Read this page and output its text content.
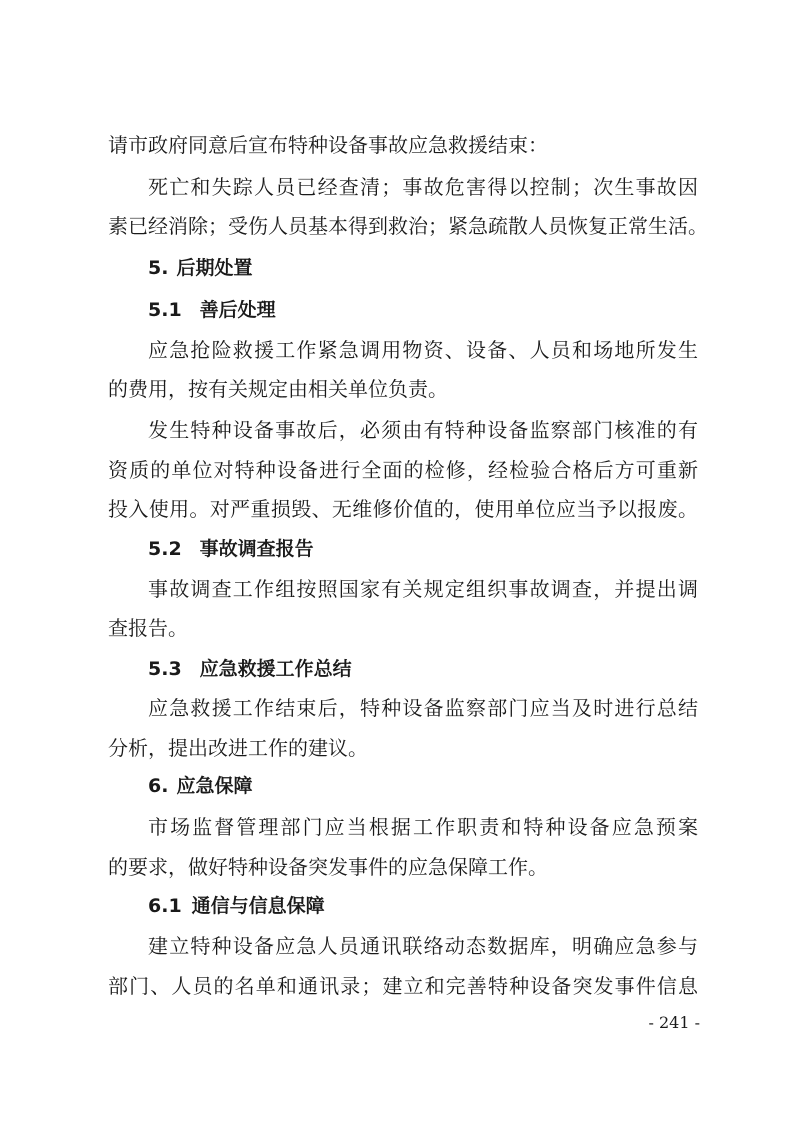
请市政府同意后宣布特种设备事故应急救援结束：
死亡和失踪人员已经查清；事故危害得以控制；次生事故因
素已经消除；受伤人员基本得到救治；紧急疏散人员恢复正常生活。
5. 后期处置
5.1 善后处理
应急抢险救援工作紧急调用物资、设备、人员和场地所发生
的费用，按有关规定由相关单位负责。
发生特种设备事故后，必须由有特种设备监察部门核准的有
资质的单位对特种设备进行全面的检修，经检验合格后方可重新
投入使用。对严重损毁、无维修价值的，使用单位应当予以报废。
5.2 事故调查报告
事故调查工作组按照国家有关规定组织事故调查，并提出调
查报告。
5.3 应急救援工作总结
应急救援工作结束后，特种设备监察部门应当及时进行总结
分析，提出改进工作的建议。
6. 应急保障
市场监督管理部门应当根据工作职责和特种设备应急预案
的要求，做好特种设备突发事件的应急保障工作。
6.1 通信与信息保障
建立特种设备应急人员通讯联络动态数据库，明确应急参与
部门、人员的名单和通讯录；建立和完善特种设备突发事件信息
- 241 -
